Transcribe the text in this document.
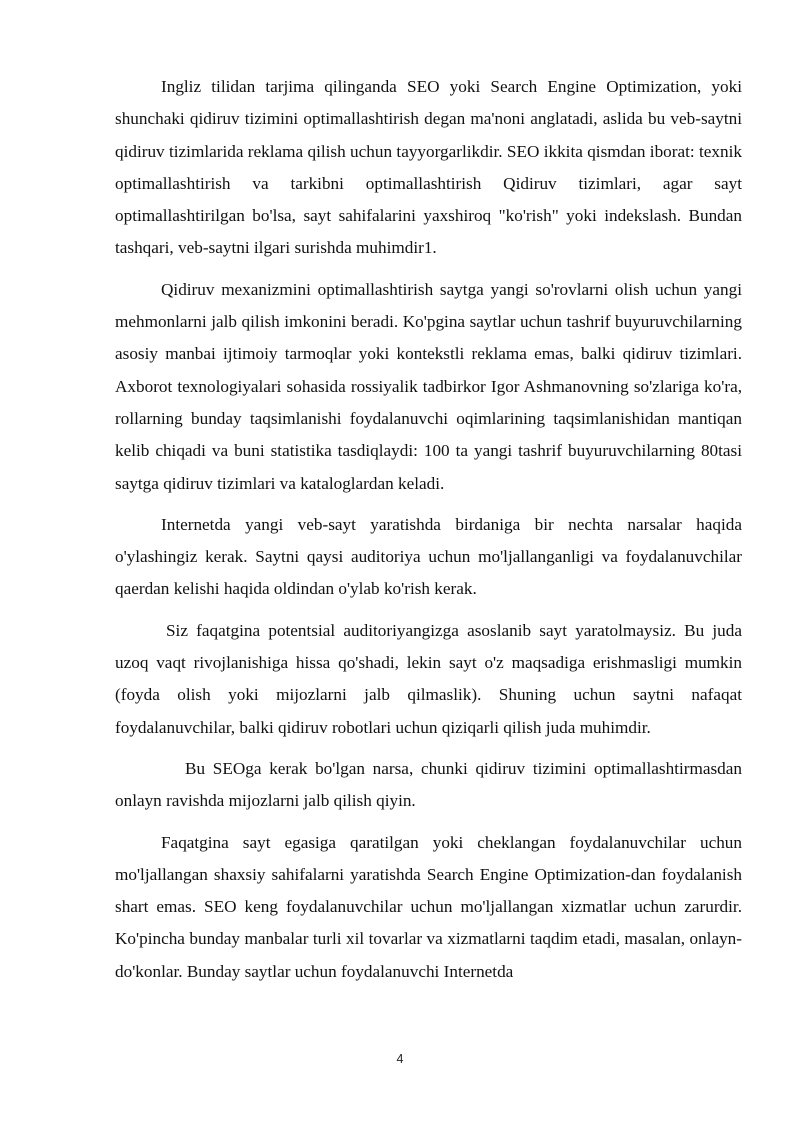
Ingliz tilidan tarjima qilinganda SEO yoki Search Engine Optimization, yoki shunchaki qidiruv tizimini optimallashtirish degan ma'noni anglatadi, aslida bu veb-saytni qidiruv tizimlarida reklama qilish uchun tayyorgarlikdir. SEO ikkita qismdan iborat: texnik optimallashtirish va tarkibni optimallashtirish Qidiruv tizimlari, agar sayt optimallashtirilgan bo'lsa, sayt sahifalarini yaxshiroq "ko'rish" yoki indekslash. Bundan tashqari, veb-saytni ilgari surishda muhimdir1.

Qidiruv mexanizmini optimallashtirish saytga yangi so'rovlarni olish uchun yangi mehmonlarni jalb qilish imkonini beradi. Ko'pgina saytlar uchun tashrif buyuruvchilarning asosiy manbai ijtimoiy tarmoqlar yoki kontekstli reklama emas, balki qidiruv tizimlari. Axborot texnologiyalari sohasida rossiyalik tadbirkor Igor Ashmanovning so'zlariga ko'ra, rollarning bunday taqsimlanishi foydalanuvchi oqimlarining taqsimlanishidan mantiqan kelib chiqadi va buni statistika tasdiqlaydi: 100 ta yangi tashrif buyuruvchilarning 80tasi saytga qidiruv tizimlari va kataloglardan keladi.

Internetda yangi veb-sayt yaratishda birdaniga bir nechta narsalar haqida o'ylashingiz kerak. Saytni qaysi auditoriya uchun mo'ljallanganligi va foydalanuvchilar qaerdan kelishi haqida oldindan o'ylab ko'rish kerak.

Siz faqatgina potentsial auditoriyangizga asoslanib sayt yaratolmaysiz. Bu juda uzoq vaqt rivojlanishiga hissa qo'shadi, lekin sayt o'z maqsadiga erishmasligi mumkin (foyda olish yoki mijozlarni jalb qilmaslik). Shuning uchun saytni nafaqat foydalanuvchilar, balki qidiruv robotlari uchun qiziqarli qilish juda muhimdir.

Bu SEOga kerak bo'lgan narsa, chunki qidiruv tizimini optimallashtirmasdan onlayn ravishda mijozlarni jalb qilish qiyin.

Faqatgina sayt egasiga qaratilgan yoki cheklangan foydalanuvchilar uchun mo'ljallangan shaxsiy sahifalarni yaratishda Search Engine Optimization-dan foydalanish shart emas. SEO keng foydalanuvchilar uchun mo'ljallangan xizmatlar uchun zarurdir. Ko'pincha bunday manbalar turli xil tovarlar va xizmatlarni taqdim etadi, masalan, onlayn-do'konlar. Bunday saytlar uchun foydalanuvchi Internetda

4
